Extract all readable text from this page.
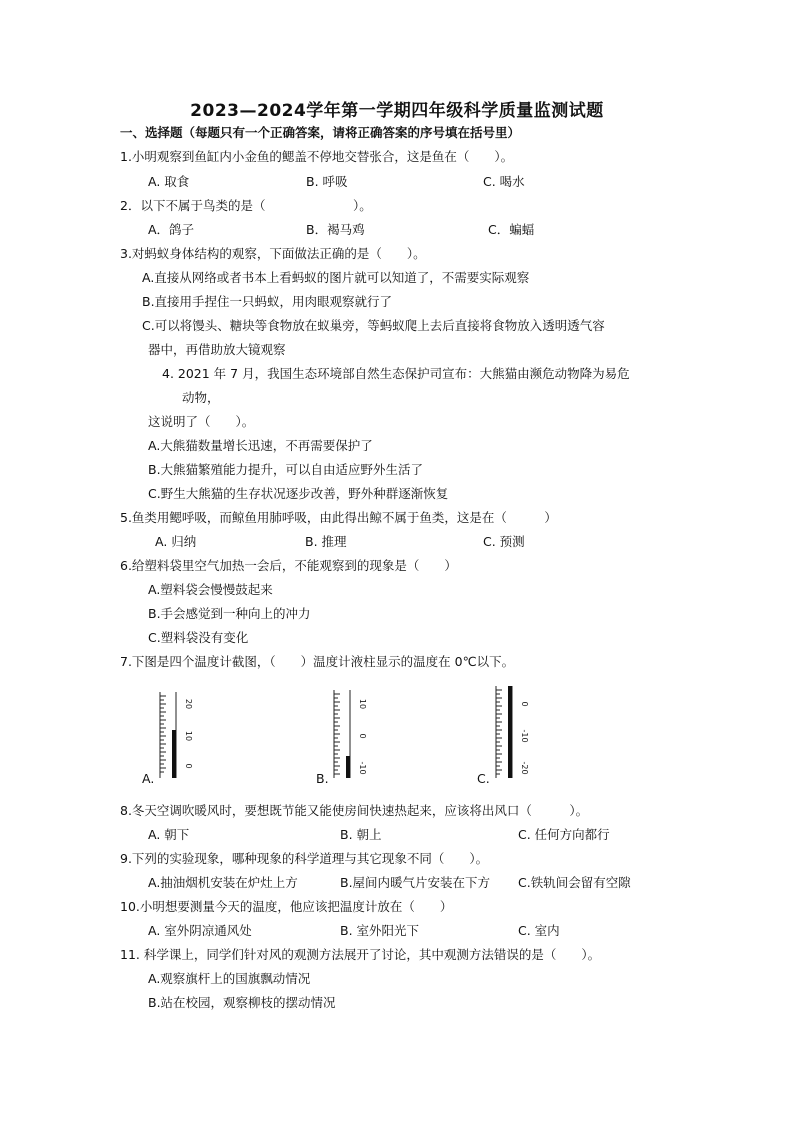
2023—2024学年第一学期四年级科学质量监测试题
一、选择题（每题只有一个正确答案，请将正确答案的序号填在括号里）
1.小明观察到鱼缸内小金鱼的鳃盖不停地交替张合，这是鱼在（　　）。
A. 取食	B. 呼吸	C. 喝水
2．以下不属于鸟类的是（　　　　　　　）。
A．鸽子	B．褐马鸡	C．蝙蝠
3.对蚂蚁身体结构的观察，下面做法正确的是（　　）。
A.直接从网络或者书本上看蚂蚁的图片就可以知道了，不需要实际观察
B.直接用手捏住一只蚂蚁，用肉眼观察就行了
C.可以将馒头、糖块等食物放在蚁巢旁，等蚂蚁爬上去后直接将食物放入透明透气容
器中，再借助放大镜观察
4. 2021 年 7 月，我国生态环境部自然生态保护司宣布：大熊猫由濒危动物降为易危
动物，
这说明了（　　）。
A.大熊猫数量增长迅速，不再需要保护了
B.大熊猫繁殖能力提升，可以自由适应野外生活了
C.野生大熊猫的生存状况逐步改善，野外种群逐渐恢复
5.鱼类用鳃呼吸，而鲸鱼用肺呼吸，由此得出鲸不属于鱼类，这是在（　　　）
A. 归纳	B. 推理	C. 预测
6.给塑料袋里空气加热一会后，不能观察到的现象是（　　）
A.塑料袋会慢慢鼓起来
B.手会感觉到一种向上的冲力
C.塑料袋没有变化
7.下图是四个温度计截图，（　　）温度计液柱显示的温度在 0℃以下。
A.
20
10
0
B.
10
0
-10
C.
0
-10
-20
8.冬天空调吹暖风时，要想既节能又能使房间快速热起来，应该将出风口（　　　）。
A. 朝下	B. 朝上	C. 任何方向都行
9.下列的实验现象，哪种现象的科学道理与其它现象不同（　　）。
A.抽油烟机安装在炉灶上方	B.屋间内暖气片安装在下方 C.铁轨间会留有空隙
10.小明想要测量今天的温度，他应该把温度计放在（　　）
A. 室外阴凉通风处	B. 室外阳光下	C. 室内
11. 科学课上，同学们针对风的观测方法展开了讨论，其中观测方法错误的是（　　）。
A.观察旗杆上的国旗飘动情况
B.站在校园，观察柳枝的摆动情况
